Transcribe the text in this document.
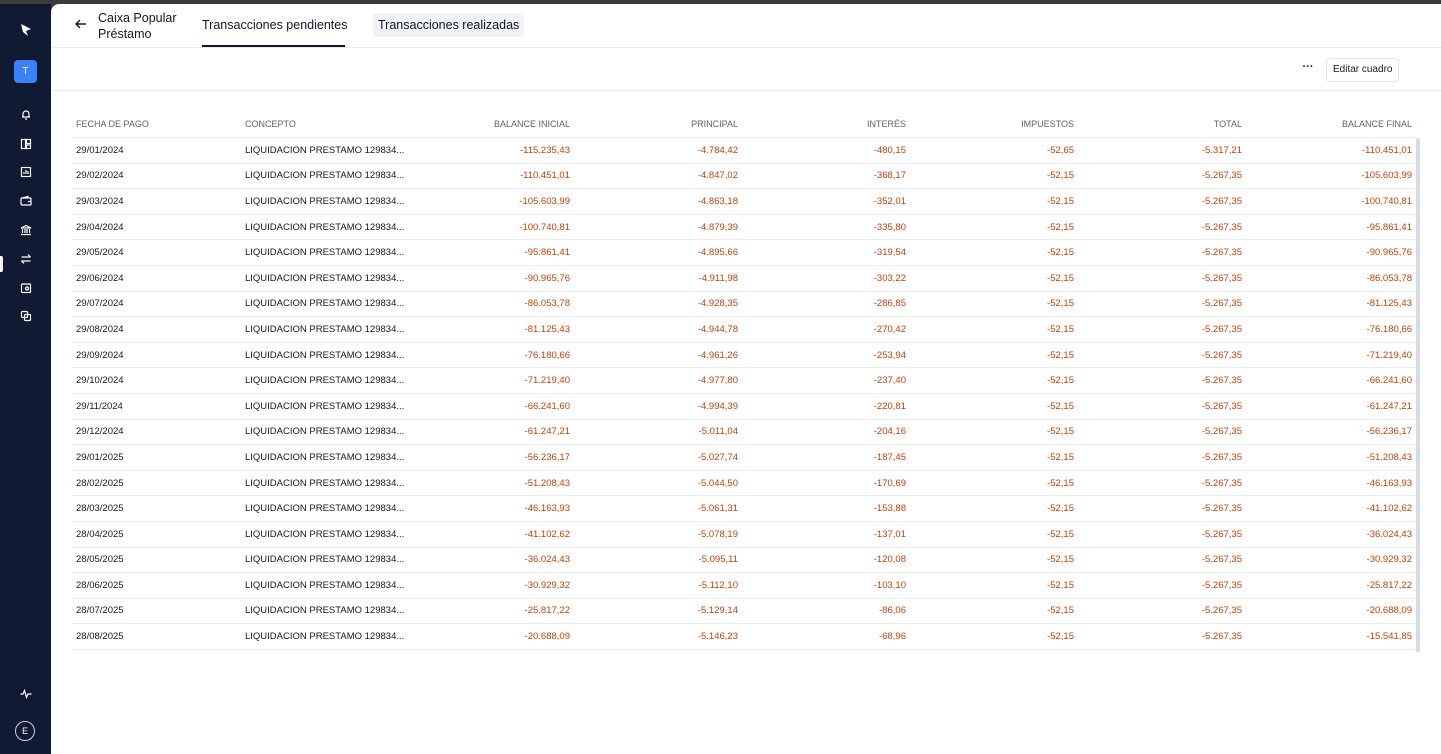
T
E
Caixa Popular
Préstamo
Transacciones pendientes	Transacciones realizadas
···	Editar cuadro
FECHA DE PAGO	CONCEPTO	BALANCE INICIAL	PRINCIPAL	INTERÉS	IMPUESTOS	TOTAL	BALANCE FINAL
29/01/2024	LIQUIDACION PRESTAMO 129834...	-115.235,43	-4.784,42	-480,15	-52,65	-5.317,21	-110.451,01
29/02/2024	LIQUIDACION PRESTAMO 129834...	-110.451,01	-4.847,02	-368,17	-52,15	-5.267,35	-105.603,99
29/03/2024	LIQUIDACION PRESTAMO 129834...	-105.603,99	-4.863,18	-352,01	-52,15	-5.267,35	-100.740,81
29/04/2024	LIQUIDACION PRESTAMO 129834...	-100.740,81	-4.879,39	-335,80	-52,15	-5.267,35	-95.861,41
29/05/2024	LIQUIDACION PRESTAMO 129834...	-95.861,41	-4.895,66	-319,54	-52,15	-5.267,35	-90.965,76
29/06/2024	LIQUIDACION PRESTAMO 129834...	-90.965,76	-4.911,98	-303,22	-52,15	-5.267,35	-86.053,78
29/07/2024	LIQUIDACION PRESTAMO 129834...	-86.053,78	-4.928,35	-286,85	-52,15	-5.267,35	-81.125,43
29/08/2024	LIQUIDACION PRESTAMO 129834...	-81.125,43	-4.944,78	-270,42	-52,15	-5.267,35	-76.180,66
29/09/2024	LIQUIDACION PRESTAMO 129834...	-76.180,66	-4.961,26	-253,94	-52,15	-5.267,35	-71.219,40
29/10/2024	LIQUIDACION PRESTAMO 129834...	-71.219,40	-4.977,80	-237,40	-52,15	-5.267,35	-66.241,60
29/11/2024	LIQUIDACION PRESTAMO 129834...	-66.241,60	-4.994,39	-220,81	-52,15	-5.267,35	-61.247,21
29/12/2024	LIQUIDACION PRESTAMO 129834...	-61.247,21	-5.011,04	-204,16	-52,15	-5.267,35	-56.236,17
29/01/2025	LIQUIDACION PRESTAMO 129834...	-56.236,17	-5.027,74	-187,45	-52,15	-5.267,35	-51.208,43
28/02/2025	LIQUIDACION PRESTAMO 129834...	-51.208,43	-5.044,50	-170,69	-52,15	-5.267,35	-46.163,93
28/03/2025	LIQUIDACION PRESTAMO 129834...	-46.163,93	-5.061,31	-153,88	-52,15	-5.267,35	-41.102,62
28/04/2025	LIQUIDACION PRESTAMO 129834...	-41.102,62	-5.078,19	-137,01	-52,15	-5.267,35	-36.024,43
28/05/2025	LIQUIDACION PRESTAMO 129834...	-36.024,43	-5.095,11	-120,08	-52,15	-5.267,35	-30.929,32
28/06/2025	LIQUIDACION PRESTAMO 129834...	-30.929,32	-5.112,10	-103,10	-52,15	-5.267,35	-25.817,22
28/07/2025	LIQUIDACION PRESTAMO 129834...	-25.817,22	-5.129,14	-86,06	-52,15	-5.267,35	-20.688,09
28/08/2025	LIQUIDACION PRESTAMO 129834...	-20.688,09	-5.146,23	-68,96	-52,15	-5.267,35	-15.541,85
